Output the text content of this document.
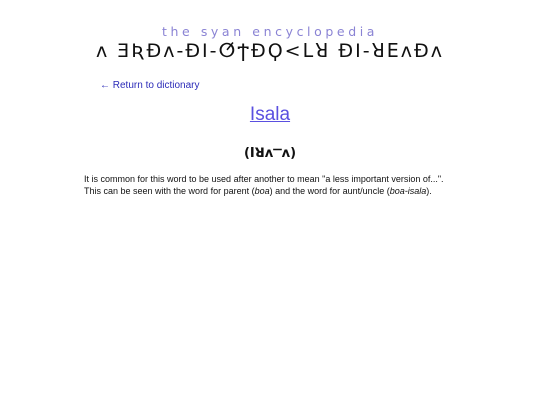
the syan encyclopedia
ʌ ƎƦƉʌ-ƉⅠ-ⵚϮƉϘ<ꓡꓤ ƉⅠ-ꓤꓰʌƉʌ
← Return to dictionary
Isala
(ⅠꓤʌⲺʌ)

It is common for this word to be used after another to mean "a less important version of...".

This can be seen with the word for parent (boa) and the word for aunt/uncle (boa-isala).
